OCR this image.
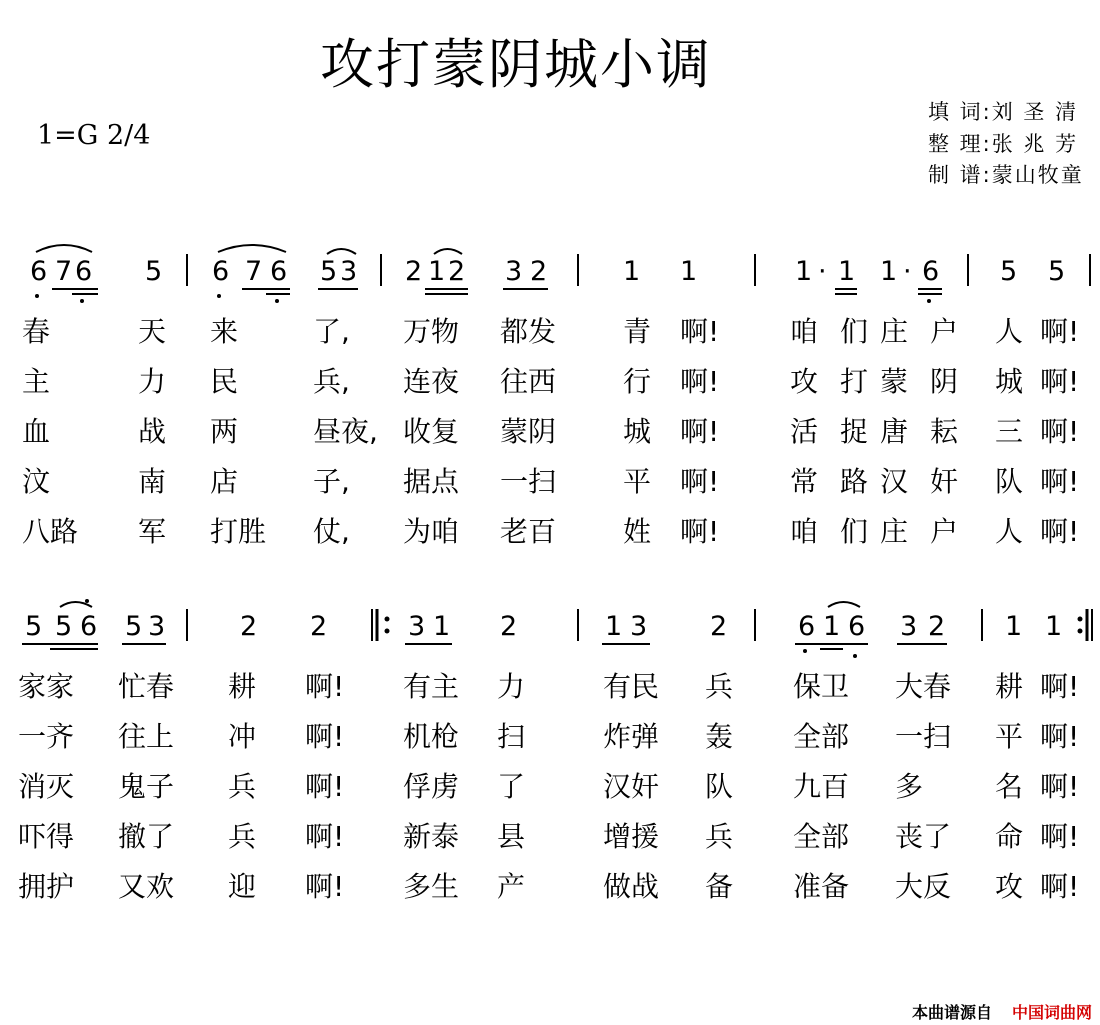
攻打蒙阴城小调
1=G 2/4
填 词:刘 圣 清
整 理:张 兆 芳
制 谱:蒙山牧童
6 7 6 5 6 7 6 5 3 2 1 2 3 2	1 1	1 · 1 1 · 6 5 5
5 5 6 5 3	2 2	3 1 2	1 3 2	6 1 6 3 2 1 1
春	天 来	了, 万物 都发 青 啊!	咱 们 庄 户 人 啊!
主	力 民	兵, 连夜 往西 行 啊!	攻 打 蒙 阴 城 啊!
血	战 两	昼夜, 收复 蒙阴 城 啊!	活 捉 唐 耘 三 啊!
汶	南 店	子, 据点 一扫 平 啊!	常 路 汉 奸 队 啊!
八路 军 打胜 仗, 为咱 老百 姓 啊!	咱 们 庄 户 人 啊!
家家 忙春 耕 啊! 有主 力	有民 兵 保卫 大春 耕 啊!
一齐 往上 冲 啊! 机枪 扫	炸弹 轰 全部 一扫 平 啊!
消灭 鬼子 兵 啊! 俘虏 了	汉奸 队 九百 多	名 啊!
吓得 撤了 兵 啊! 新泰 县	增援 兵 全部 丧了 命 啊!
拥护 又欢 迎 啊! 多生 产	做战 备 准备 大反 攻 啊!
本曲谱源自 中国词曲网
